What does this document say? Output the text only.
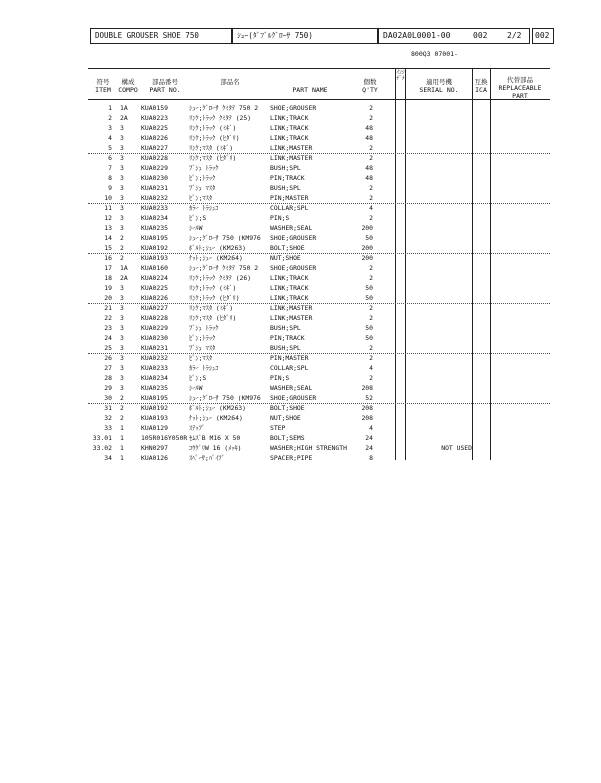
DOUBLE GROUSER SHOE 750	ｼｭｰ(ﾀﾞﾌﾞﾙｸﾞﾛｰｻ 750)	DA02A0L0001-00	002 2/2	002
800Q3 07001-
符号
ITEM
構成
COMPO
部品番号
PART NO.
部品名
PART NAME
個数
Q'TY
ｲﾝｼﾃﾞﾅ	適用号機
SERIAL NO.
互換
ICA
代替部品
REPLACEABLE
PART
1 1A	KUA0159	ｼｭｰ;ｸﾞﾛｰｻ ｸﾐﾀﾃ 750 2	SHOE;GROUSER	2
2 2A	KUA0223	ﾘﾝｸ;ﾄﾗｯｸ ｸﾐﾀﾃ (25)	LINK;TRACK	2
3 3	KUA0225	ﾘﾝｸ;ﾄﾗｯｸ (ﾐｷﾞ)	LINK;TRACK	48
4 3	KUA0226	ﾘﾝｸ;ﾄﾗｯｸ (ﾋﾀﾞﾘ)	LINK;TRACK	48
5 3	KUA0227	ﾘﾝｸ;ﾏｽﾀ (ﾐｷﾞ)	LINK;MASTER	2
6 3	KUA0228	ﾘﾝｸ;ﾏｽﾀ (ﾋﾀﾞﾘ)	LINK;MASTER	2
7 3	KUA0229	ﾌﾞｼｭ ﾄﾗｯｸ	BUSH;SPL	48
8 3	KUA0230	ﾋﾟﾝ;ﾄﾗｯｸ	PIN;TRACK	48
9 3	KUA0231	ﾌﾞｼｭ ﾏｽﾀ	BUSH;SPL	2
10 3	KUA0232	ﾋﾟﾝ;ﾏｽﾀ	PIN;MASTER	2
11 3	KUA0233	ｶﾗｰ ﾄﾗｼｭｺ	COLLAR;SPL	4
12 3	KUA0234	ﾋﾟﾝ;S	PIN;S	2
13 3	KUA0235	ｼｰﾙW	WASHER;SEAL	200
14 2	KUA0195	ｼｭｰ;ｸﾞﾛｰｻ 750 (KM976	SHOE;GROUSER	50
15 2	KUA0192	ﾎﾞﾙﾄ;ｼｭｰ (KM263)	BOLT;SHOE	200
16 2	KUA0193	ﾅｯﾄ;ｼｭｰ (KM264)	NUT;SHOE	200
17 1A	KUA0160	ｼｭｰ;ｸﾞﾛｰｻ ｸﾐﾀﾃ 750 2	SHOE;GROUSER	2
18 2A	KUA0224	ﾘﾝｸ;ﾄﾗｯｸ ｸﾐﾀﾃ (26)	LINK;TRACK	2
19 3	KUA0225	ﾘﾝｸ;ﾄﾗｯｸ (ﾐｷﾞ)	LINK;TRACK	50
20 3	KUA0226	ﾘﾝｸ;ﾄﾗｯｸ (ﾋﾀﾞﾘ)	LINK;TRACK	50
21 3	KUA0227	ﾘﾝｸ;ﾏｽﾀ (ﾐｷﾞ)	LINK;MASTER	2
22 3	KUA0228	ﾘﾝｸ;ﾏｽﾀ (ﾋﾀﾞﾘ)	LINK;MASTER	2
23 3	KUA0229	ﾌﾞｼｭ ﾄﾗｯｸ	BUSH;SPL	50
24 3	KUA0230	ﾋﾟﾝ;ﾄﾗｯｸ	PIN;TRACK	50
25 3	KUA0231	ﾌﾞｼｭ ﾏｽﾀ	BUSH;SPL	2
26 3	KUA0232	ﾋﾟﾝ;ﾏｽﾀ	PIN;MASTER	2
27 3	KUA0233	ｶﾗｰ ﾄﾗｼｭｺ	COLLAR;SPL	4
28 3	KUA0234	ﾋﾟﾝ;S	PIN;S	2
29 3	KUA0235	ｼｰﾙW	WASHER;SEAL	208
30 2	KUA0195	ｼｭｰ;ｸﾞﾛｰｻ 750 (KM976	SHOE;GROUSER	52
31 2	KUA0192	ﾎﾞﾙﾄ;ｼｭｰ (KM263)	BOLT;SHOE	208
32 2	KUA0193	ﾅｯﾄ;ｼｭｰ (KM264)	NUT;SHOE	208
33 1	KUA0129	ｽﾃｯﾌﾟ	STEP	4
33.01 1	105R016Y050R ｾﾑｽﾞB M16 X 50	BOLT;SEMS	24
33.02 1	KHN0297	ｺｳｸﾞﾘW 16 (ﾒｯｷ)	WASHER;HIGH STRENGTH	24	NOT USED
34 1	KUA0126	ｽﾍﾟｰｻ;ﾊﾟｲﾌﾟ	SPACER;PIPE	8
